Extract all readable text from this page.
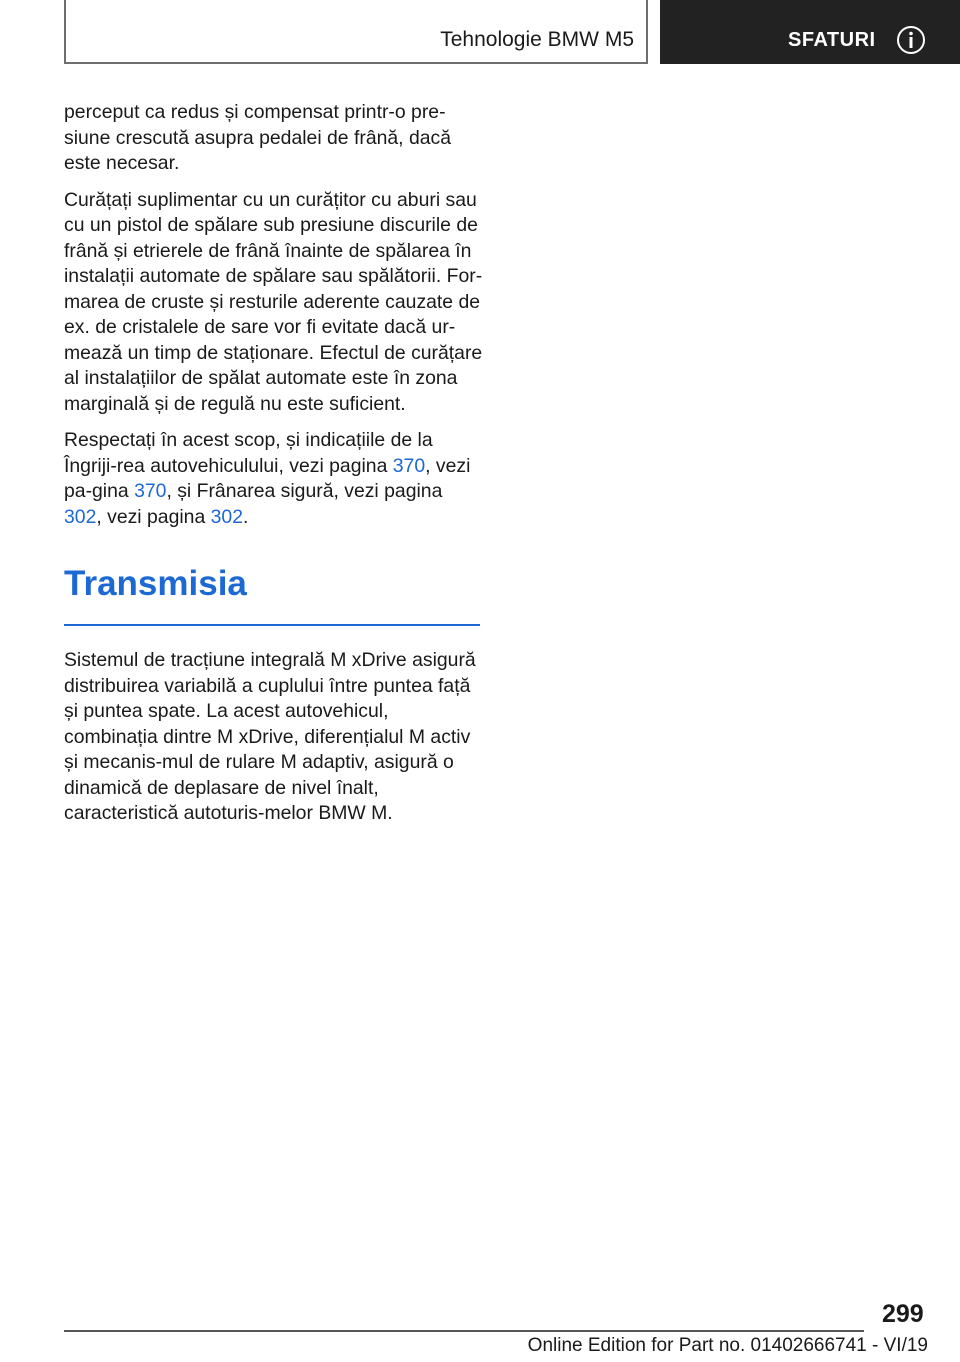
Tehnologie BMW M5	SFATURI

perceput ca redus și compensat printr-o pre-siune crescută asupra pedalei de frână, dacă este necesar.

Curățați suplimentar cu un curățitor cu aburi sau cu un pistol de spălare sub presiune discurile de frână și etrierele de frână înainte de spălarea în instalații automate de spălare sau spălătorii. For-marea de cruste și resturile aderente cauzate de ex. de cristalele de sare vor fi evitate dacă ur-mează un timp de staționare. Efectul de curățare al instalațiilor de spălat automate este în zona marginală și de regulă nu este suficient.

Respectați în acest scop, și indicațiile de la Îngriji-rea autovehiculului, vezi pagina 370, vezi pa-gina 370, și Frânarea sigură, vezi pagina 302, vezi pagina 302.

Transmisia

Sistemul de tracțiune integrală M xDrive asigură distribuirea variabilă a cuplului între puntea față și puntea spate. La acest autovehicul, combinația dintre M xDrive, diferențialul M activ și mecanis-mul de rulare M adaptiv, asigură o dinamică de deplasare de nivel înalt, caracteristică autoturis-melor BMW M.

299
Online Edition for Part no. 01402666741 - VI/19
